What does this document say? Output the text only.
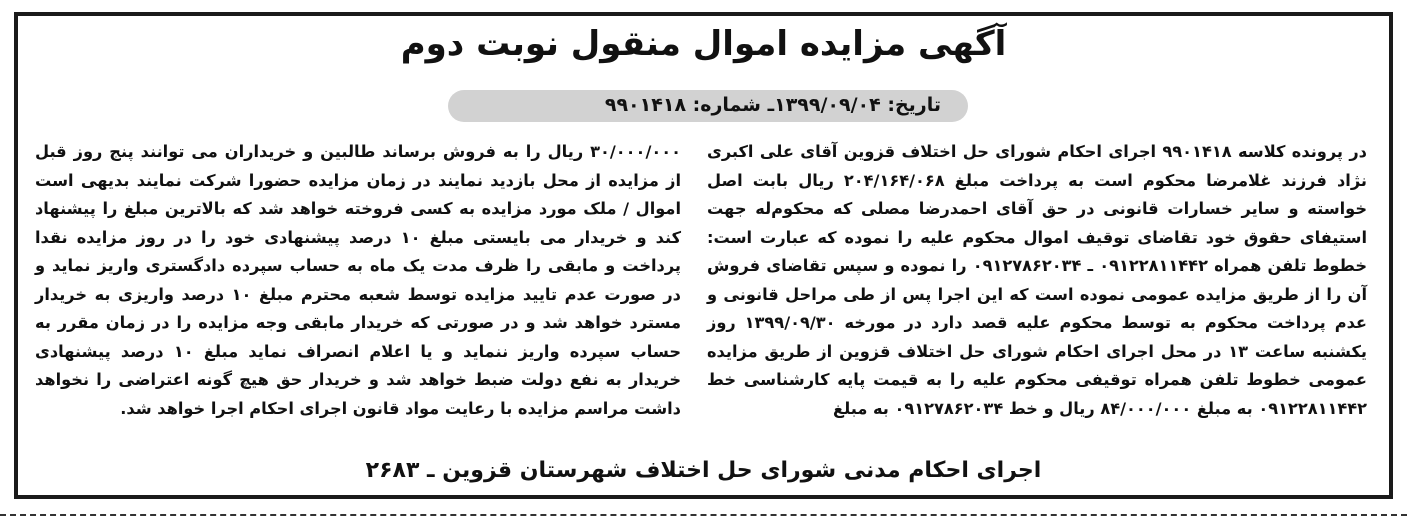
آگهی مزایده اموال منقول نوبت دوم
تاریخ: ۱۳۹۹/۰۹/۰۴ـ شماره: ۹۹۰۱۴۱۸
در پرونده کلاسه ۹۹۰۱۴۱۸ اجرای احکام شورای حل اختلاف قزوین آقای علی اکبری نژاد فرزند غلامرضا محکوم است به پرداخت مبلغ ۲۰۴/۱۶۴/۰۶۸ ریال بابت اصل خواسته و سایر خسارات قانونی در حق آقای احمدرضا مصلی که محکوم‌له جهت استیفای حقوق خود تقاضای توقیف اموال محکوم علیه را نموده که عبارت است: خطوط تلفن همراه ۰۹۱۲۲۸۱۱۴۴۲ ـ ۰۹۱۲۷۸۶۲۰۳۴ را نموده و سپس تقاضای فروش آن را از طریق مزایده عمومی نموده است که این اجرا پس از طی مراحل قانونی و عدم پرداخت محکوم به توسط محکوم علیه قصد دارد در مورخه ۱۳۹۹/۰۹/۳۰ روز یکشنبه ساعت ۱۳ در محل اجرای احکام شورای حل اختلاف قزوین از طریق مزایده عمومی خطوط تلفن همراه توقیفی محکوم علیه را به قیمت پایه کارشناسی خط ۰۹۱۲۲۸۱۱۴۴۲ به مبلغ ۸۴/۰۰۰/۰۰۰ ریال و خط ۰۹۱۲۷۸۶۲۰۳۴ به مبلغ
۳۰/۰۰۰/۰۰۰ ریال را به فروش برساند طالبین و خریداران می توانند پنج روز قبل از مزایده از محل بازدید نمایند در زمان مزایده حضورا شرکت نمایند بدیهی است اموال / ملک مورد مزایده به کسی فروخته خواهد شد که بالاترین مبلغ را پیشنهاد کند و خریدار می بایستی مبلغ ۱۰ درصد پیشنهادی خود را در روز مزایده نقدا پرداخت و مابقی را ظرف مدت یک ماه به حساب سپرده دادگستری واریز نماید و در صورت عدم تایید مزایده توسط شعبه محترم مبلغ ۱۰ درصد واریزی به خریدار مسترد خواهد شد و در صورتی که خریدار مابقی وجه مزایده را در زمان مقرر به حساب سپرده واریز ننماید و یا اعلام انصراف نماید مبلغ ۱۰ درصد پیشنهادی خریدار به نفع دولت ضبط خواهد شد و خریدار حق هیچ گونه اعتراضی را نخواهد داشت مراسم مزایده با رعایت مواد قانون اجرای احکام اجرا خواهد شد.
اجرای احکام مدنی شورای حل اختلاف شهرستان قزوین ـ ۲۶۸۳
